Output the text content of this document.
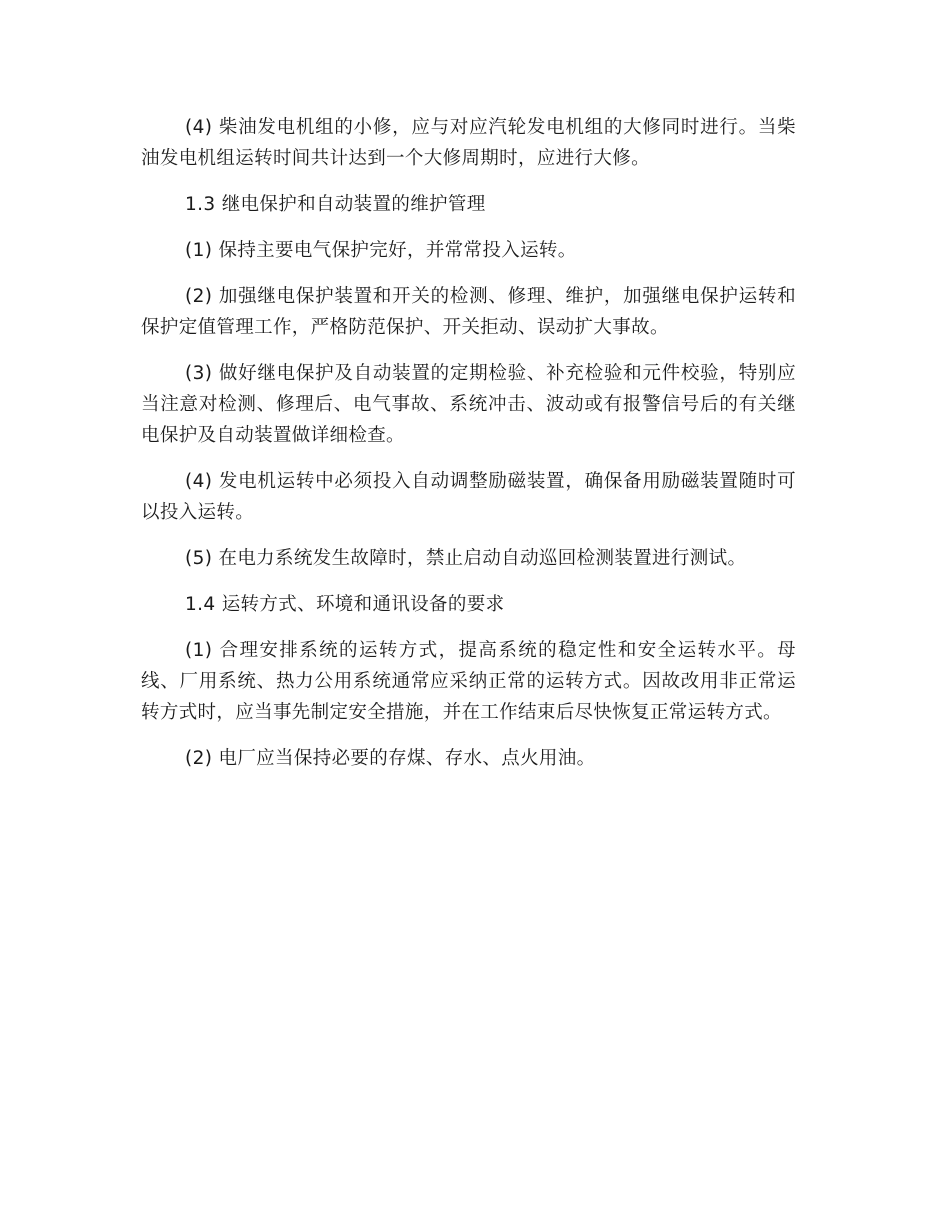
(4) 柴油发电机组的小修，应与对应汽轮发电机组的大修同时进行。当柴油发电机组运转时间共计达到一个大修周期时，应进行大修。

1.3 继电保护和自动装置的维护管理

(1) 保持主要电气保护完好，并常常投入运转。

(2) 加强继电保护装置和开关的检测、修理、维护，加强继电保护运转和保护定值管理工作，严格防范保护、开关拒动、误动扩大事故。

(3) 做好继电保护及自动装置的定期检验、补充检验和元件校验，特别应当注意对检测、修理后、电气事故、系统冲击、波动或有报警信号后的有关继电保护及自动装置做详细检查。

(4) 发电机运转中必须投入自动调整励磁装置，确保备用励磁装置随时可以投入运转。

(5) 在电力系统发生故障时，禁止启动自动巡回检测装置进行测试。

1.4 运转方式、环境和通讯设备的要求

(1) 合理安排系统的运转方式，提高系统的稳定性和安全运转水平。母线、厂用系统、热力公用系统通常应采纳正常的运转方式。因故改用非正常运转方式时，应当事先制定安全措施，并在工作结束后尽快恢复正常运转方式。

(2) 电厂应当保持必要的存煤、存水、点火用油。
